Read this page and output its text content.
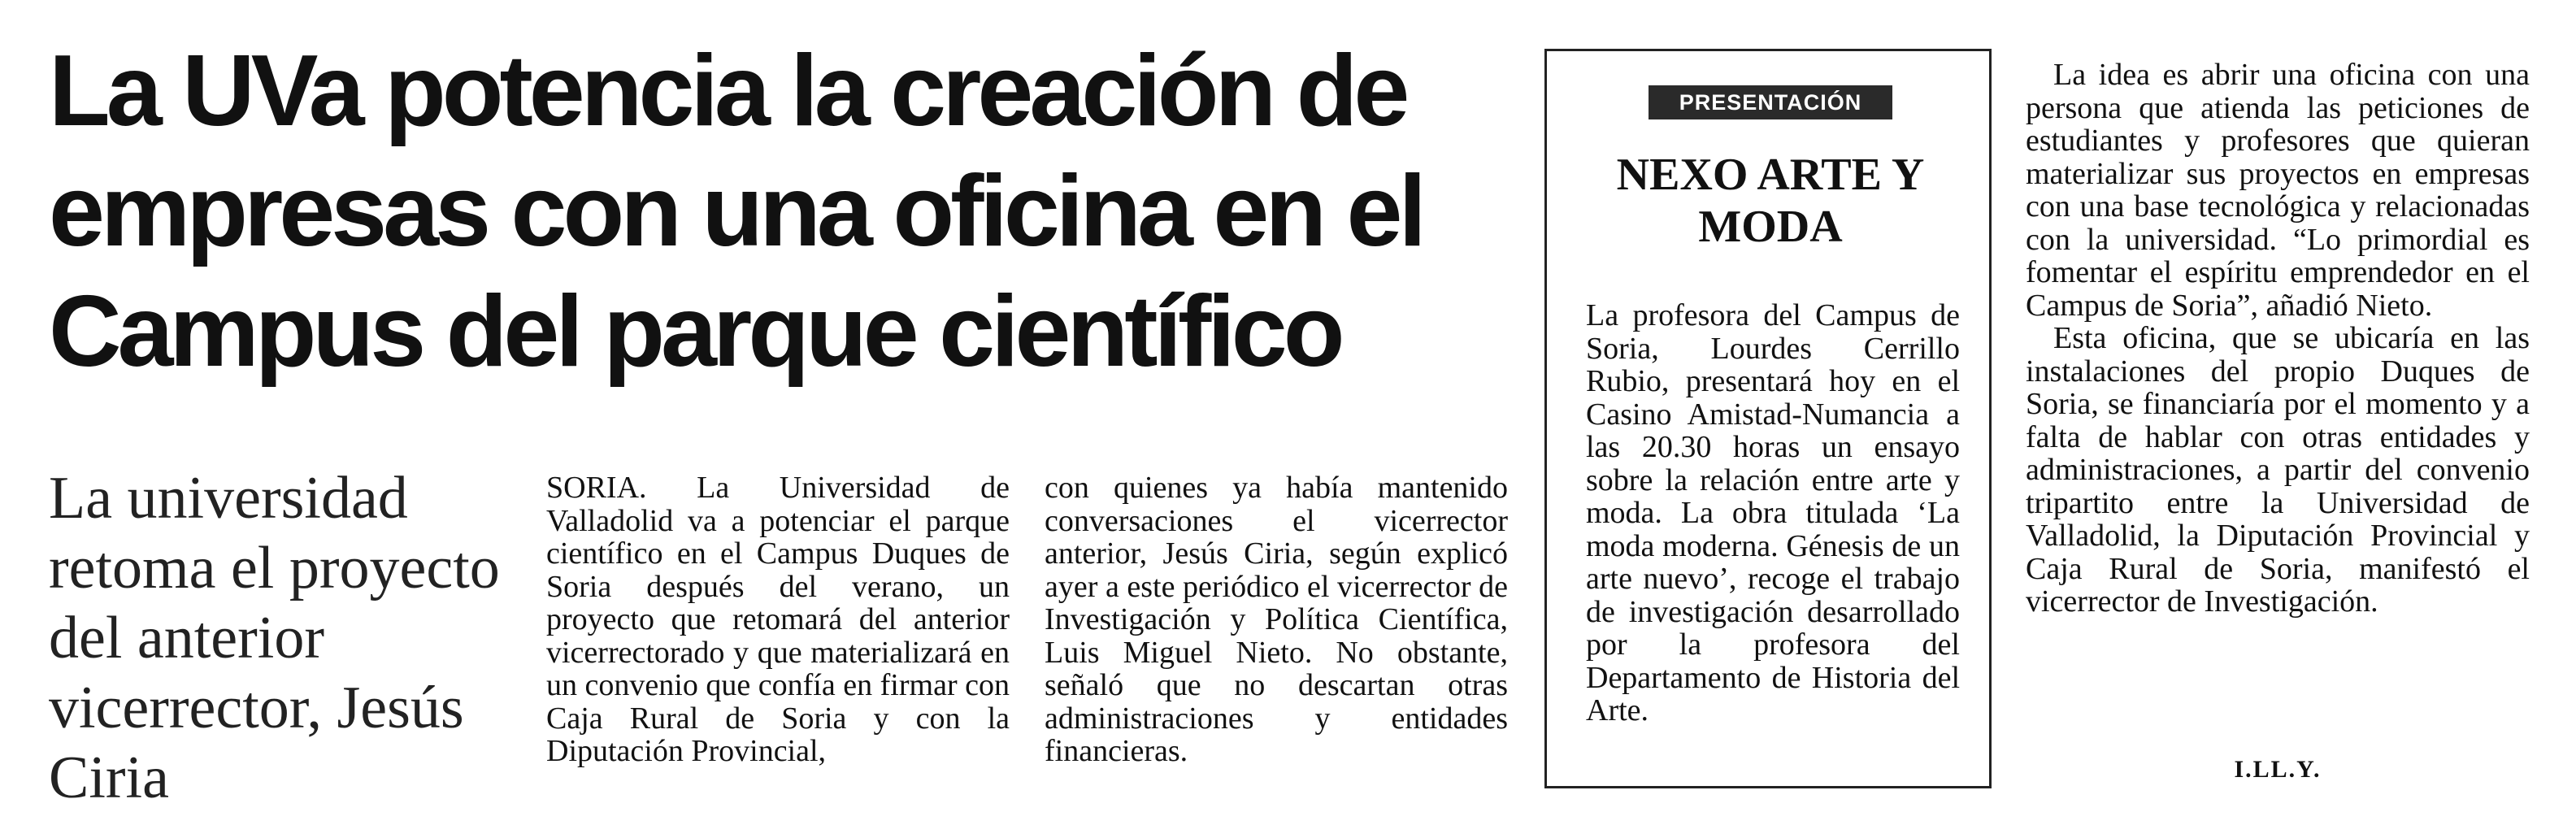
La UVa potencia la creación de empresas con una oficina en el Campus del parque científico

La universidad retoma el proyecto del anterior vicerrector, Jesús Ciria

SORIA. La Universidad de Valladolid va a potenciar el parque científico en el Campus Duques de Soria después del verano, un proyecto que retomará del anterior vicerrectorado y que materializará en un convenio que confía en firmar con Caja Rural de Soria y con la Diputación Provincial,

con quienes ya había mantenido conversaciones el vicerrector anterior, Jesús Ciria, según explicó ayer a este periódico el vicerrector de Investigación y Política Científica, Luis Miguel Nieto. No obstante, señaló que no descartan otras administraciones y entidades financieras.

PRESENTACIÓN
NEXO ARTE Y MODA

La profesora del Campus de Soria, Lourdes Cerrillo Rubio, presentará hoy en el Casino Amistad-Numancia a las 20.30 horas un ensayo sobre la relación entre arte y moda. La obra titulada ‘La moda moderna. Génesis de un arte nuevo’, recoge el trabajo de investigación desarrollado por la profesora del Departamento de Historia del Arte.

La idea es abrir una oficina con una persona que atienda las peticiones de estudiantes y profesores que quieran materializar sus proyectos en empresas con una base tecnológica y relacionadas con la universidad. “Lo primordial es fomentar el espíritu emprendedor en el Campus de Soria”, añadió Nieto.

Esta oficina, que se ubicaría en las instalaciones del propio Duques de Soria, se financiaría por el momento y a falta de hablar con otras entidades y administraciones, a partir del convenio tripartito entre la Universidad de Valladolid, la Diputación Provincial y Caja Rural de Soria, manifestó el vicerrector de Investigación.

I.LL.Y.
